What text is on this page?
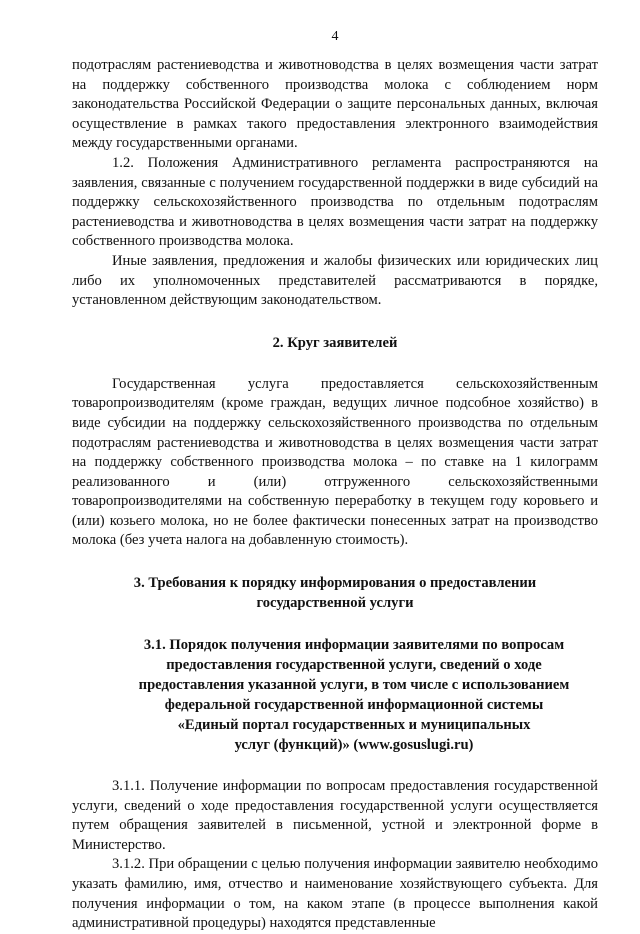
4

подотраслям растениеводства и животноводства в целях возмещения части затрат на поддержку собственного производства молока с соблюдением норм законодательства Российской Федерации о защите персональных данных, включая осуществление в рамках такого предоставления электронного взаимодействия между государственными органами.

1.2. Положения Административного регламента распространяются на заявления, связанные с получением государственной поддержки в виде субсидий на поддержку сельскохозяйственного производства по отдельным подотраслям растениеводства и животноводства в целях возмещения части затрат на поддержку собственного производства молока.

Иные заявления, предложения и жалобы физических или юридических лиц либо их уполномоченных представителей рассматриваются в порядке, установленном действующим законодательством.

2. Круг заявителей

Государственная услуга предоставляется сельскохозяйственным товаропроизводителям (кроме граждан, ведущих личное подсобное хозяйство) в виде субсидии на поддержку сельскохозяйственного производства по отдельным подотраслям растениеводства и животноводства в целях возмещения части затрат на поддержку собственного производства молока – по ставке на 1 килограмм реализованного и (или) отгруженного сельскохозяйственными товаропроизводителями на собственную переработку в текущем году коровьего и (или) козьего молока, но не более фактически понесенных затрат на производство молока (без учета налога на добавленную стоимость).

3. Требования к порядку информирования о предоставлении
государственной услуги
3.1. Порядок получения информации заявителями по вопросам
предоставления государственной услуги, сведений о ходе
предоставления указанной услуги, в том числе с использованием
федеральной государственной информационной системы
«Единый портал государственных и муниципальных
услуг (функций)» (www.gosuslugi.ru)

3.1.1. Получение информации по вопросам предоставления государственной услуги, сведений о ходе предоставления государственной услуги осуществляется путем обращения заявителей в письменной, устной и электронной форме в Министерство.

3.1.2. При обращении с целью получения информации заявителю необходимо указать фамилию, имя, отчество и наименование хозяйствующего субъекта. Для получения информации о том, на каком этапе (в процессе выполнения какой административной процедуры) находятся представленные
